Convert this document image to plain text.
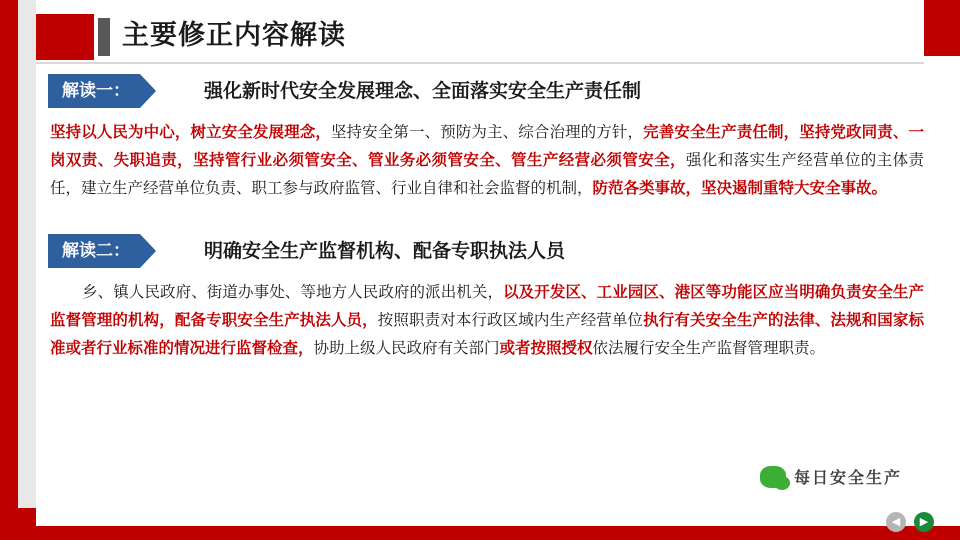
主要修正内容解读
解读一：	强化新时代安全发展理念、全面落实安全生产责任制
坚持以人民为中心，树立安全发展理念，坚持安全第一、预防为主、综合治理的方针，完善安全生产责任制，坚持党政同责、一岗双责、失职追责，坚持管行业必须管安全、管业务必须管安全、管生产经营必须管安全，强化和落实生产经营单位的主体责任，建立生产经营单位负责、职工参与政府监管、行业自律和社会监督的机制，防范各类事故，坚决遏制重特大安全事故。
解读二：	明确安全生产监督机构、配备专职执法人员
乡、镇人民政府、街道办事处、等地方人民政府的派出机关，以及开发区、工业园区、港区等功能区应当明确负责安全生产监督管理的机构，配备专职安全生产执法人员，按照职责对本行政区域内生产经营单位执行有关安全生产的法律、法规和国家标准或者行业标准的情况进行监督检查，协助上级人民政府有关部门或者按照授权依法履行安全生产监督管理职责。
每日安全生产
◀	▶
